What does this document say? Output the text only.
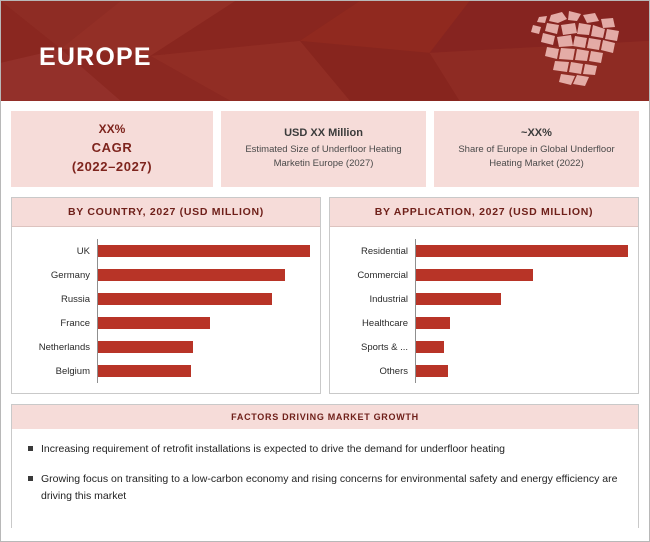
EUROPE
XX%
CAGR
(2022–2027)
USD XX Million
Estimated Size of Underfloor Heating Marketin Europe (2027)
~XX%
Share of Europe in Global Underfloor Heating Market (2022)
BY COUNTRY, 2027 (USD MILLION)
UK
Germany
Russia
France
Netherlands
Belgium
BY APPLICATION, 2027 (USD MILLION)
Residential
Commercial
Industrial
Healthcare
Sports & ...
Others
FACTORS DRIVING MARKET GROWTH
Increasing requirement of retrofit installations is expected to drive the demand for underfloor heating
Growing focus on transiting to a low-carbon economy and rising concerns for environmental safety and energy efficiency are driving this market
